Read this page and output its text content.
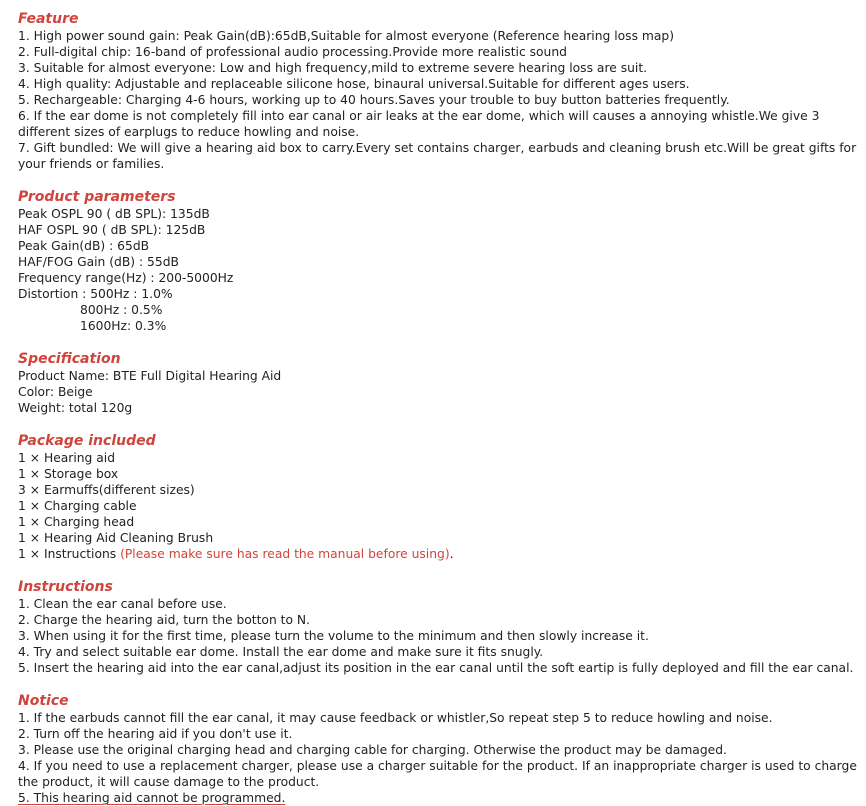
Feature
1. High power sound gain: Peak Gain(dB):65dB,Suitable for almost everyone (Reference hearing loss map)
2. Full-digital chip: 16-band of professional audio processing.Provide more realistic sound
3. Suitable for almost everyone: Low and high frequency,mild to extreme severe hearing loss are suit.
4. High quality: Adjustable and replaceable silicone hose, binaural universal.Suitable for different ages users.
5. Rechargeable: Charging 4-6 hours, working up to 40 hours.Saves your trouble to buy button batteries frequently.
6. If the ear dome is not completely fill into ear canal or air leaks at the ear dome, which will causes a annoying whistle.We give 3 different sizes of earplugs to reduce howling and noise.
7. Gift bundled: We will give a hearing aid box to carry.Every set contains charger, earbuds and cleaning brush etc.Will be great gifts for your friends or families.
Product parameters
Peak OSPL 90 ( dB SPL): 135dB
HAF OSPL 90 ( dB SPL): 125dB
Peak Gain(dB) : 65dB
HAF/FOG Gain (dB) : 55dB
Frequency range(Hz) : 200-5000Hz
Distortion : 500Hz : 1.0%
800Hz : 0.5%
1600Hz: 0.3%
Specification
Product Name: BTE Full Digital Hearing Aid
Color: Beige
Weight: total 120g
Package included
1 × Hearing aid
1 × Storage box
3 × Earmuffs(different sizes)
1 × Charging cable
1 × Charging head
1 × Hearing Aid Cleaning Brush
1 × Instructions (Please make sure has read the manual before using).
Instructions
1. Clean the ear canal before use.
2. Charge the hearing aid, turn the botton to N.
3. When using it for the first time, please turn the volume to the minimum and then slowly increase it.
4. Try and select suitable ear dome. Install the ear dome and make sure it fits snugly.
5. Insert the hearing aid into the ear canal,adjust its position in the ear canal until the soft eartip is fully deployed and fill the ear canal.
Notice
1. If the earbuds cannot fill the ear canal, it may cause feedback or whistler,So repeat step 5 to reduce howling and noise.
2. Turn off the hearing aid if you don't use it.
3. Please use the original charging head and charging cable for charging. Otherwise the product may be damaged.
4. If you need to use a replacement charger, please use a charger suitable for the product. If an inappropriate charger is used to charge the product, it will cause damage to the product.
5. This hearing aid cannot be programmed.
